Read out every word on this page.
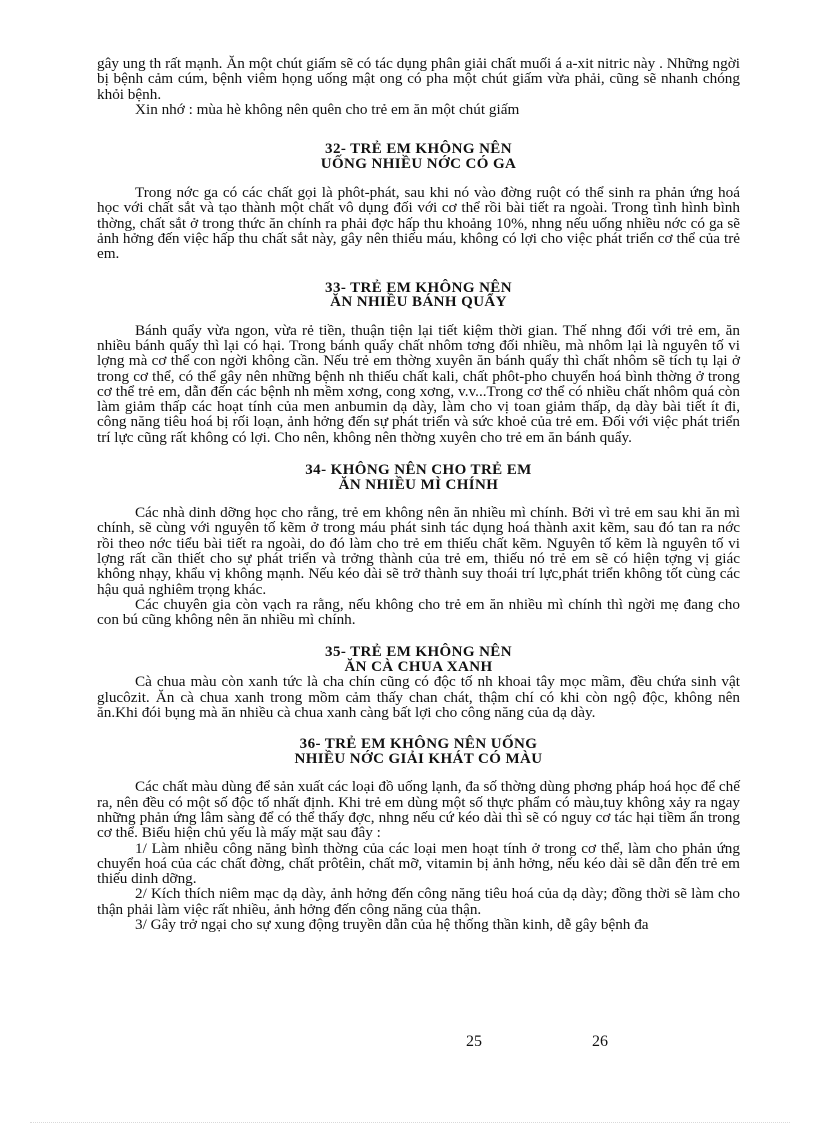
gây ung th rất mạnh. Ăn một chút giấm sẽ có tác dụng phân giải chất muối á a-xit nitric này . Những ngời bị bệnh cảm cúm, bệnh viêm họng uống mật ong có pha một chút giấm vừa phải, cũng sẽ nhanh chóng khỏi bệnh.

Xin nhớ : mùa hè không nên quên cho trẻ em ăn một chút giấm

32- TRẺ EM KHÔNG NÊN
UỐNG NHIỀU NỚC CÓ GA

Trong nớc ga có các chất gọi là phôt-phát, sau khi nó vào đờng ruột có thể sinh ra phản ứng hoá học với chất sắt và tạo thành một chất vô dụng đối với cơ thể rồi bài tiết ra ngoài. Trong tình hình bình thờng, chất sắt ở trong thức ăn chính ra phải đợc hấp thu khoảng 10%, nhng nếu uống nhiều nớc có ga sẽ ảnh hởng đến việc hấp thu chất sắt này, gây nên thiếu máu, không có lợi cho việc phát triển cơ thể của trẻ em.

33- TRẺ EM KHÔNG NÊN
ĂN NHIỀU BÁNH QUẨY

Bánh quẩy vừa ngon, vừa rẻ tiền, thuận tiện lại tiết kiệm thời gian. Thế nhng đối với trẻ em, ăn nhiều bánh quẩy thì lại có hại. Trong bánh quẩy chất nhôm tơng đối nhiều, mà nhôm lại là nguyên tố vi lợng mà cơ thể con ngời không cần. Nếu trẻ em thờng xuyên ăn bánh quẩy thì chất nhôm sẽ tích tụ lại ở trong cơ thể, có thể gây nên những bệnh nh thiếu chất kali, chất phôt-pho chuyển hoá bình thờng ở trong cơ thể trẻ em, dẫn đến các bệnh nh mềm xơng, cong xơng, v.v...Trong cơ thể có nhiều chất nhôm quá còn làm giảm thấp các hoạt tính của men anbumin dạ dày, làm cho vị toan giảm thấp, dạ dày bài tiết ít đi, công năng tiêu hoá bị rối loạn, ảnh hởng đến sự phát triển và sức khoẻ của trẻ em. Đối với việc phát triển trí lực cũng rất không có lợi. Cho nên, không nên thờng xuyên cho trẻ em ăn bánh quẩy.

34- KHÔNG NÊN CHO TRẺ EM
ĂN NHIỀU MÌ CHÍNH

Các nhà dinh dỡng học cho rằng, trẻ em không nên ăn nhiều mì chính. Bởi vì trẻ em sau khi ăn mì chính, sẽ cùng với nguyên tố kẽm ở trong máu phát sinh tác dụng hoá thành axit kẽm, sau đó tan ra nớc rồi theo nớc tiểu bài tiết ra ngoài, do đó làm cho trẻ em thiếu chất kẽm. Nguyên tố kẽm là nguyên tố vi lợng rất cần thiết cho sự phát triển và trởng thành của trẻ em, thiếu nó trẻ em sẽ có hiện tợng vị giác không nhạy, khẩu vị không mạnh. Nếu kéo dài sẽ trở thành suy thoái trí lực,phát triển không tốt cùng các hậu quả nghiêm trọng khác.

Các chuyên gia còn vạch ra rằng, nếu không cho trẻ em ăn nhiều mì chính thì ngời mẹ đang cho con bú cũng không nên ăn nhiều mì chính.

35- TRẺ EM KHÔNG NÊN
ĂN CÀ CHUA XANH

Cà chua màu còn xanh tức là cha chín cũng có độc tố nh khoai tây mọc mầm, đều chứa sinh vật glucôzit. Ăn cà chua xanh trong mồm cảm thấy chan chát, thậm chí có khi còn ngộ độc, không nên ăn.Khi đói bụng mà ăn nhiều cà chua xanh càng bất lợi cho công năng của dạ dày.

36- TRẺ EM KHÔNG NÊN UỐNG
NHIỀU NỚC GIẢI KHÁT CÓ MÀU

Các chất màu dùng để sản xuất các loại đồ uống lạnh, đa số thờng dùng phơng pháp hoá học để chế ra, nên đều có một số độc tố nhất định. Khi trẻ em dùng một số thực phẩm có màu,tuy không xảy ra ngay những phản ứng lâm sàng để có thể thấy đợc, nhng nếu cứ kéo dài thì sẽ có nguy cơ tác hại tiềm ẩn trong cơ thể. Biểu hiện chủ yếu là mấy mặt sau đây :

1/ Làm nhiễu công năng bình thờng của các loại men hoạt tính ở trong cơ thể, làm cho phản ứng chuyển hoá của các chất đờng, chất prôtêin, chất mỡ, vitamin bị ảnh hởng, nếu kéo dài sẽ dẫn đến trẻ em thiếu dinh dỡng.

2/ Kích thích niêm mạc dạ dày, ảnh hởng đến công năng tiêu hoá của dạ dày; đồng thời sẽ làm cho thận phải làm việc rất nhiều, ảnh hởng đến công năng của thận.

3/ Gây trở ngại cho sự xung động truyền dẫn của hệ thống thần kinh, dễ gây bệnh đa

25	26
